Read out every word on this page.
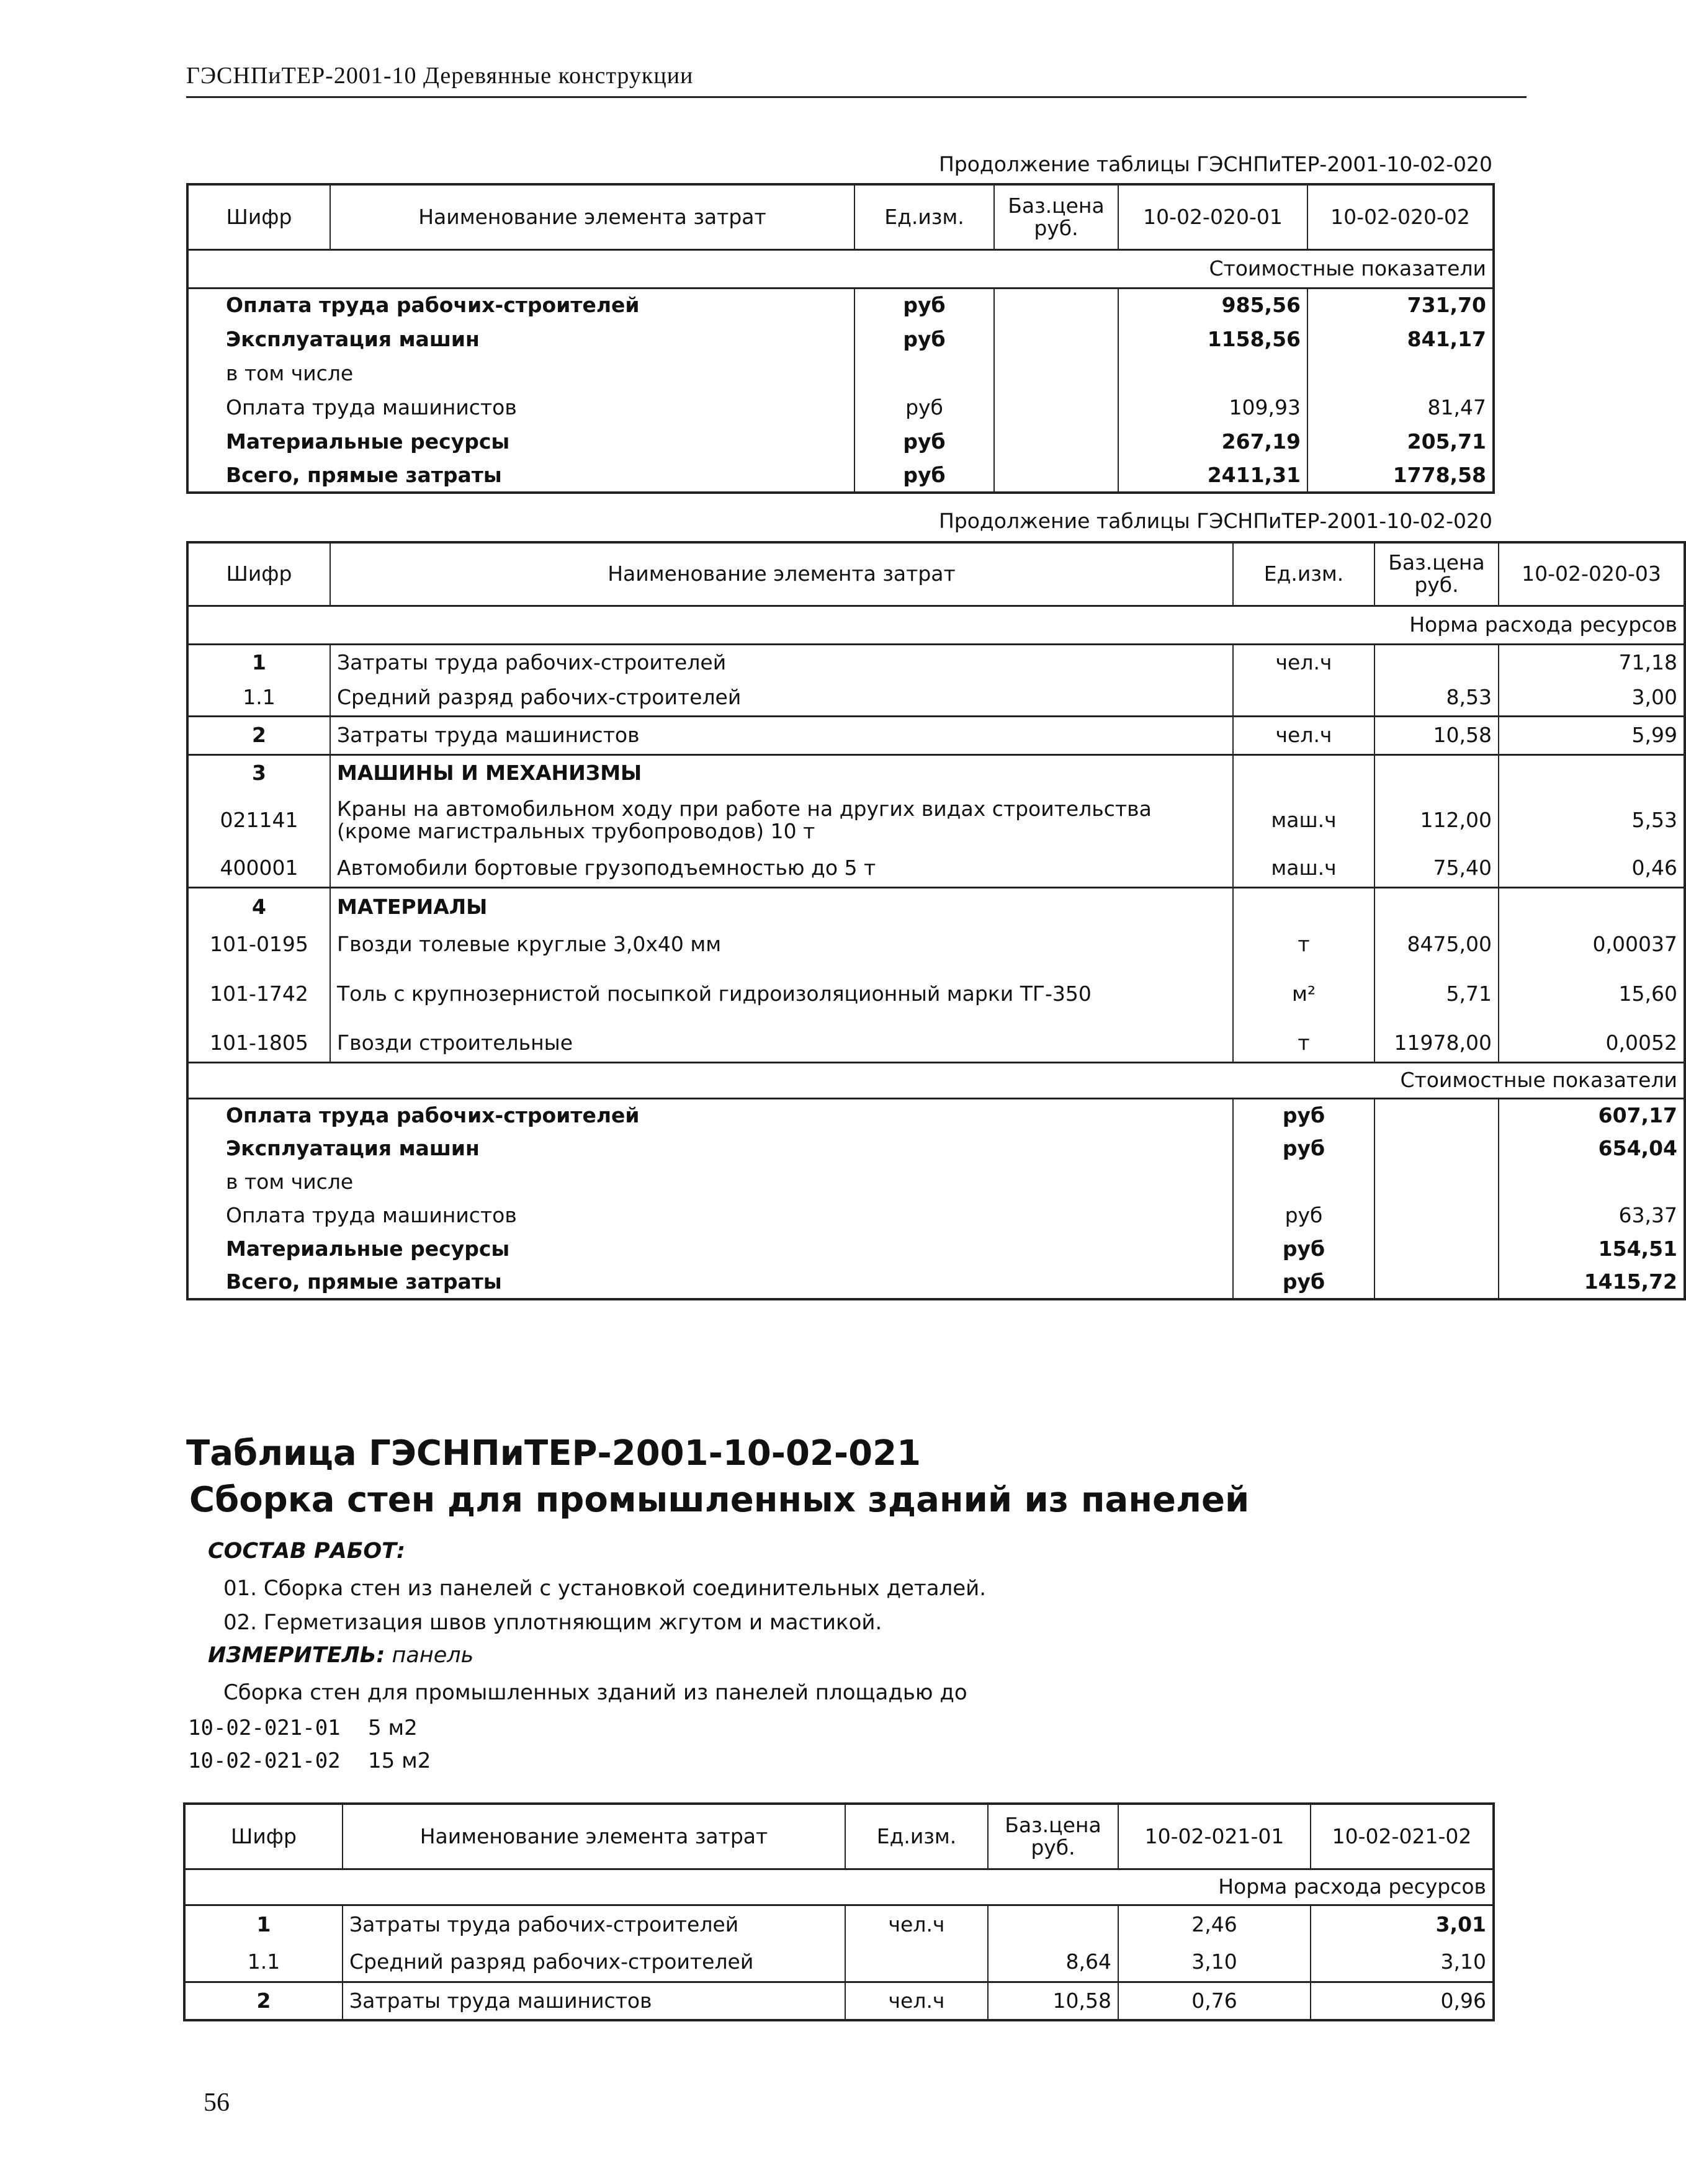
ГЭСНПиТЕР-2001-10 Деревянные конструкции
Продолжение таблицы ГЭСНПиТЕР-2001-10-02-020
Шифр	Наименование элемента затрат	Ед.изм.	Баз.цена руб.	10-02-020-01	10-02-020-02
Стоимостные показатели					
Оплата труда рабочих-строителей		руб		985,56	731,70
Эксплуатация машин		руб		1158,56	841,17
в том числе					
Оплата труда машинистов		руб		109,93	81,47
Материальные ресурсы		руб		267,19	205,71
Всего, прямые затраты		руб		2411,31	1778,58
Продолжение таблицы ГЭСНПиТЕР-2001-10-02-020
Шифр	Наименование элемента затрат	Ед.изм.	Баз.цена руб.	10-02-020-03
Норма расхода ресурсов				
1	Затраты труда рабочих-строителей	чел.ч		71,18
1.1	Средний разряд рабочих-строителей		8,53	3,00
2	Затраты труда машинистов	чел.ч	10,58	5,99
3	МАШИНЫ И МЕХАНИЗМЫ			
021141	Краны на автомобильном ходу при работе на других видах строительства (кроме магистральных трубопроводов) 10 т	маш.ч	112,00	5,53
400001	Автомобили бортовые грузоподъемностью до 5 т	маш.ч	75,40	0,46
4	МАТЕРИАЛЫ			
101-0195	Гвозди толевые круглые 3,0х40 мм	т	8475,00	0,00037
101-1742	Толь с крупнозернистой посыпкой гидроизоляционный марки ТГ-350	м²	5,71	15,60
101-1805	Гвозди строительные	т	11978,00	0,0052
Стоимостные показатели				
Оплата труда рабочих-строителей		руб		607,17
Эксплуатация машин		руб		654,04
в том числе				
Оплата труда машинистов		руб		63,37
Материальные ресурсы		руб		154,51
Всего, прямые затраты		руб		1415,72
Таблица ГЭСНПиТЕР-2001-10-02-021
Сборка стен для промышленных зданий из панелей
СОСТАВ РАБОТ:
01. Сборка стен из панелей с установкой соединительных деталей.
02. Герметизация швов уплотняющим жгутом и мастикой.
ИЗМЕРИТЕЛЬ: панель
Сборка стен для промышленных зданий из панелей площадью до
10-02-021-01 5 м2
10-02-021-02 15 м2
Шифр	Наименование элемента затрат	Ед.изм.	Баз.цена руб.	10-02-021-01	10-02-021-02
Норма расхода ресурсов					
1	Затраты труда рабочих-строителей	чел.ч		2,46	3,01
1.1	Средний разряд рабочих-строителей		8,64	3,10	3,10
2	Затраты труда машинистов	чел.ч	10,58	0,76	0,96
56
